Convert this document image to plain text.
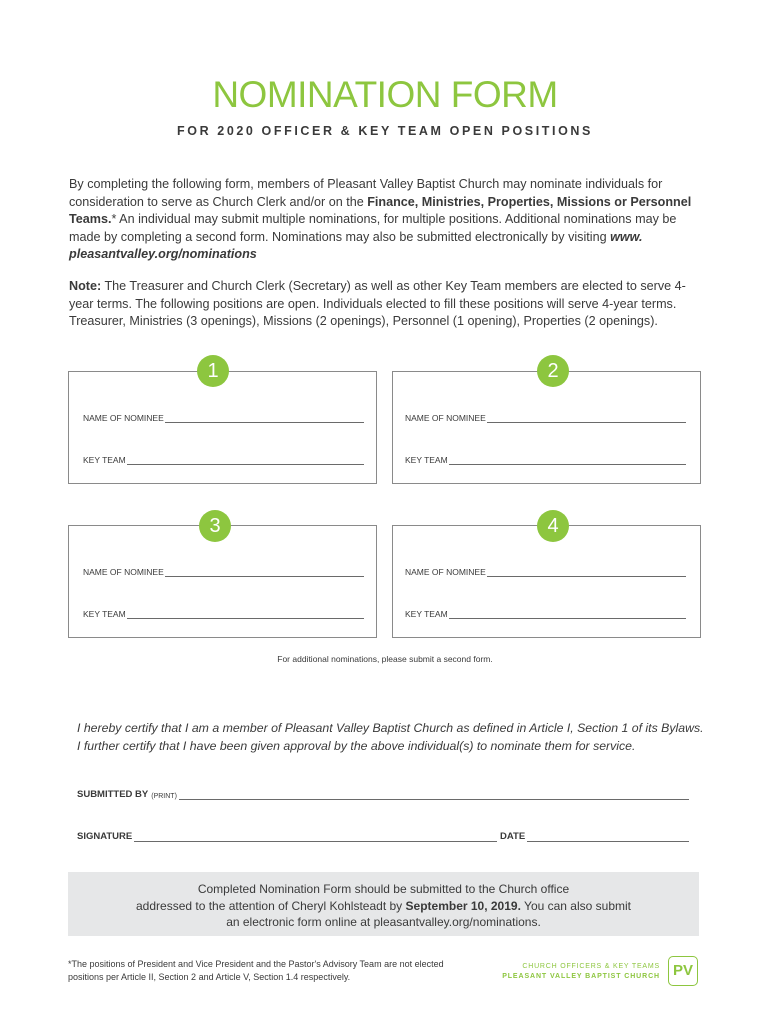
NOMINATION FORM
FOR 2020 OFFICER & KEY TEAM OPEN POSITIONS
By completing the following form, members of Pleasant Valley Baptist Church may nominate individuals for consideration to serve as Church Clerk and/or on the Finance, Ministries, Properties, Missions or Personnel Teams.* An individual may submit multiple nominations, for multiple positions. Additional nominations may be made by completing a second form. Nominations may also be submitted electronically by visiting www. pleasantvalley.org/nominations
Note: The Treasurer and Church Clerk (Secretary) as well as other Key Team members are elected to serve 4-year terms. The following positions are open. Individuals elected to fill these positions will serve 4-year terms. Treasurer, Ministries (3 openings), Missions (2 openings), Personnel (1 opening), Properties (2 openings).
1
NAME OF NOMINEE
KEY TEAM
2
NAME OF NOMINEE
KEY TEAM
3
NAME OF NOMINEE
KEY TEAM
4
NAME OF NOMINEE
KEY TEAM
For additional nominations, please submit a second form.
I hereby certify that I am a member of Pleasant Valley Baptist Church as defined in Article I, Section 1 of its Bylaws.
I further certify that I have been given approval by the above individual(s) to nominate them for service.
SUBMITTED BY (PRINT)
SIGNATURE	DATE
Completed Nomination Form should be submitted to the Church office
addressed to the attention of Cheryl Kohlsteadt by September 10, 2019. You can also submit
an electronic form online at pleasantvalley.org/nominations.
*The positions of President and Vice President and the Pastor's Advisory Team are not elected
positions per Article II, Section 2 and Article V, Section 1.4 respectively.
CHURCH OFFICERS & KEY TEAMS
PLEASANT VALLEY BAPTIST CHURCH PV
